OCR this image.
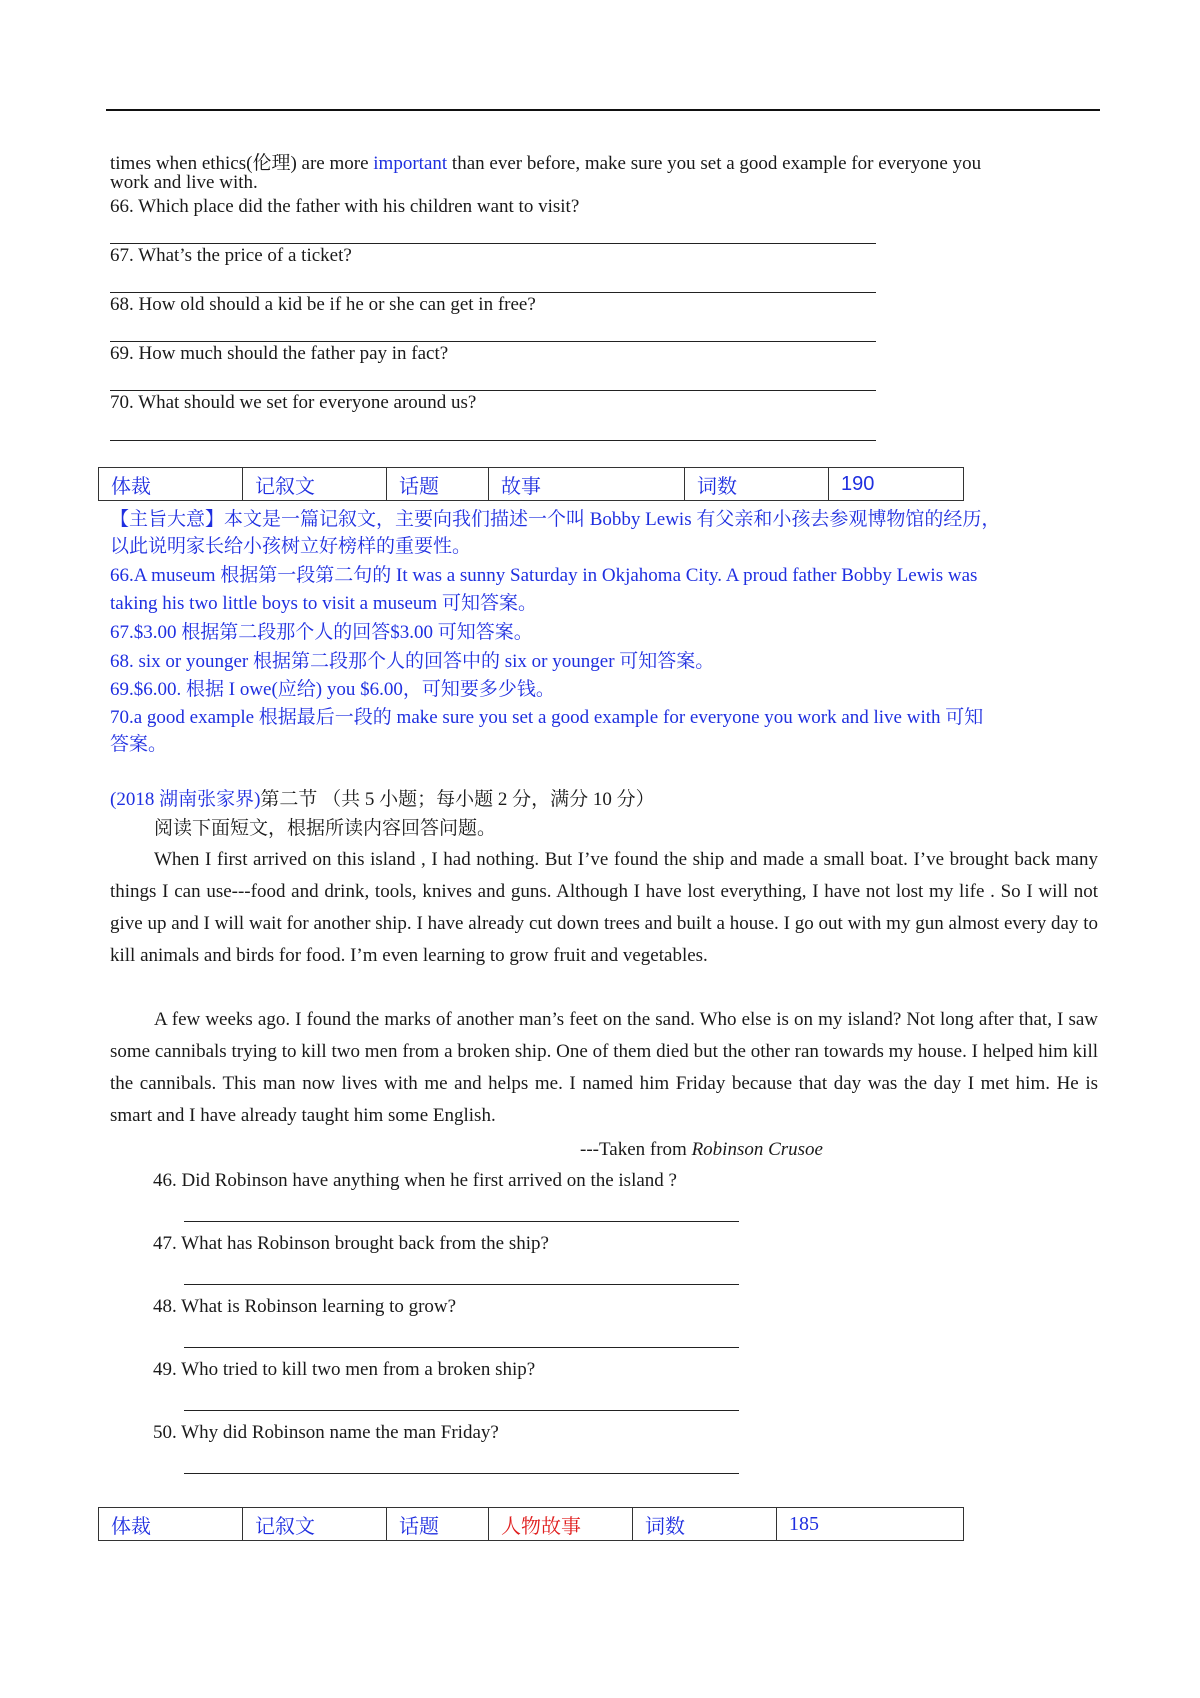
times when ethics(伦理) are more important than ever before, make sure you set a good example for everyone you
work and live with.
66. Which place did the father with his children want to visit?
67. What’s the price of a ticket?
68. How old should a kid be if he or she can get in free?
69. How much should the father pay in fact?
70. What should we set for everyone around us?
体裁	记叙文	话题	故事	词数	190
【主旨大意】本文是一篇记叙文，主要向我们描述一个叫 Bobby Lewis 有父亲和小孩去参观博物馆的经历，
以此说明家长给小孩树立好榜样的重要性。
66.A museum 根据第一段第二句的 It was a sunny Saturday in Okjahoma City. A proud father Bobby Lewis was
taking his two little boys to visit a museum 可知答案。
67.$3.00 根据第二段那个人的回答$3.00 可知答案。
68. six or younger 根据第二段那个人的回答中的 six or younger 可知答案。
69.$6.00. 根据 I owe(应给) you $6.00，可知要多少钱。
70.a good example 根据最后一段的 make sure you set a good example for everyone you work and live with 可知
答案。
(2018 湖南张家界)第二节 （共 5 小题；每小题 2 分，满分 10 分）
阅读下面短文，根据所读内容回答问题。
When I first arrived on this island , I had nothing. But I’ve found the ship and made a small boat. I’ve brought back many things I can use---food and drink, tools, knives and guns. Although I have lost everything, I have not lost my life . So I will not give up and I will wait for another ship. I have already cut down trees and built a house. I go out with my gun almost every day to kill animals and birds for food. I’m even learning to grow fruit and vegetables.
A few weeks ago. I found the marks of another man’s feet on the sand. Who else is on my island? Not long after that, I saw some cannibals trying to kill two men from a broken ship. One of them died but the other ran towards my house. I helped him kill the cannibals. This man now lives with me and helps me. I named him Friday because that day was the day I met him. He is smart and I have already taught him some English.
---Taken from Robinson Crusoe
46. Did Robinson have anything when he first arrived on the island ?
47. What has Robinson brought back from the ship?
48. What is Robinson learning to grow?
49. Who tried to kill two men from a broken ship?
50. Why did Robinson name the man Friday?
体裁	记叙文	话题	人物故事	词数	185
